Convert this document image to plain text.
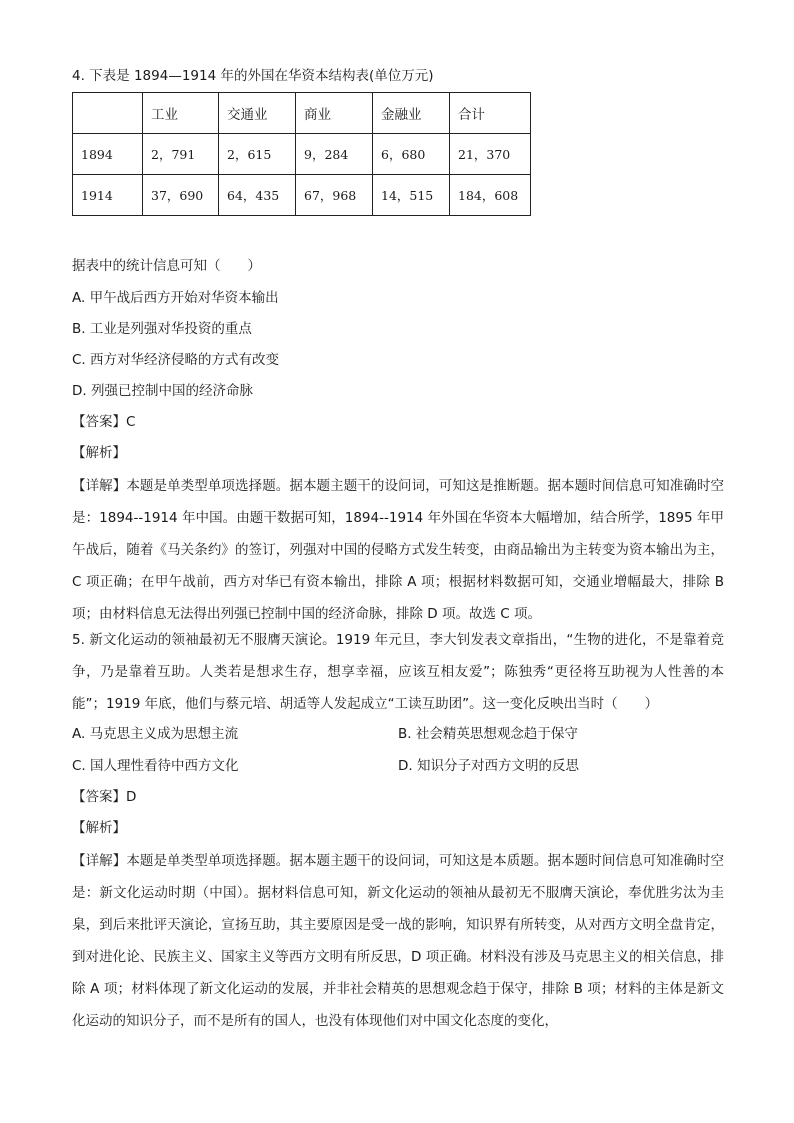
4. 下表是 1894—1914 年的外国在华资本结构表(单位万元)
	工业	交通业	商业	金融业	合计
1894	2，791	2，615	9，284	6，680	21，370
1914	37，690	64，435	67，968	14，515	184，608
据表中的统计信息可知（　　）
A. 甲午战后西方开始对华资本输出
B. 工业是列强对华投资的重点
C. 西方对华经济侵略的方式有改变
D. 列强已控制中国的经济命脉
【答案】C
【解析】
【详解】本题是单类型单项选择题。据本题主题干的设问词，可知这是推断题。据本题时间信息可知准确时空是：1894--1914 年中国。由题干数据可知，1894--1914 年外国在华资本大幅增加，结合所学，1895 年甲午战后，随着《马关条约》的签订，列强对中国的侵略方式发生转变，由商品输出为主转变为资本输出为主，C 项正确；在甲午战前，西方对华已有资本输出，排除 A 项；根据材料数据可知，交通业增幅最大，排除 B 项；由材料信息无法得出列强已控制中国的经济命脉，排除 D 项。故选 C 项。
5. 新文化运动的领袖最初无不服膺天演论。1919 年元旦，李大钊发表文章指出，“生物的进化，不是靠着竞争，乃是靠着互助。人类若是想求生存，想享幸福，应该互相友爱”；陈独秀“更径将互助视为人性善的本能”；1919 年底，他们与蔡元培、胡适等人发起成立“工读互助团”。这一变化反映出当时（　　）
A. 马克思主义成为思想主流	B. 社会精英思想观念趋于保守
C. 国人理性看待中西方文化	D. 知识分子对西方文明的反思
【答案】D
【解析】
【详解】本题是单类型单项选择题。据本题主题干的设问词，可知这是本质题。据本题时间信息可知准确时空是：新文化运动时期（中国）。据材料信息可知，新文化运动的领袖从最初无不服膺天演论，奉优胜劣汰为圭臬，到后来批评天演论，宣扬互助，其主要原因是受一战的影响，知识界有所转变，从对西方文明全盘肯定，到对进化论、民族主义、国家主义等西方文明有所反思，D 项正确。材料没有涉及马克思主义的相关信息，排除 A 项；材料体现了新文化运动的发展，并非社会精英的思想观念趋于保守，排除 B 项；材料的主体是新文化运动的知识分子，而不是所有的国人，也没有体现他们对中国文化态度的变化，
